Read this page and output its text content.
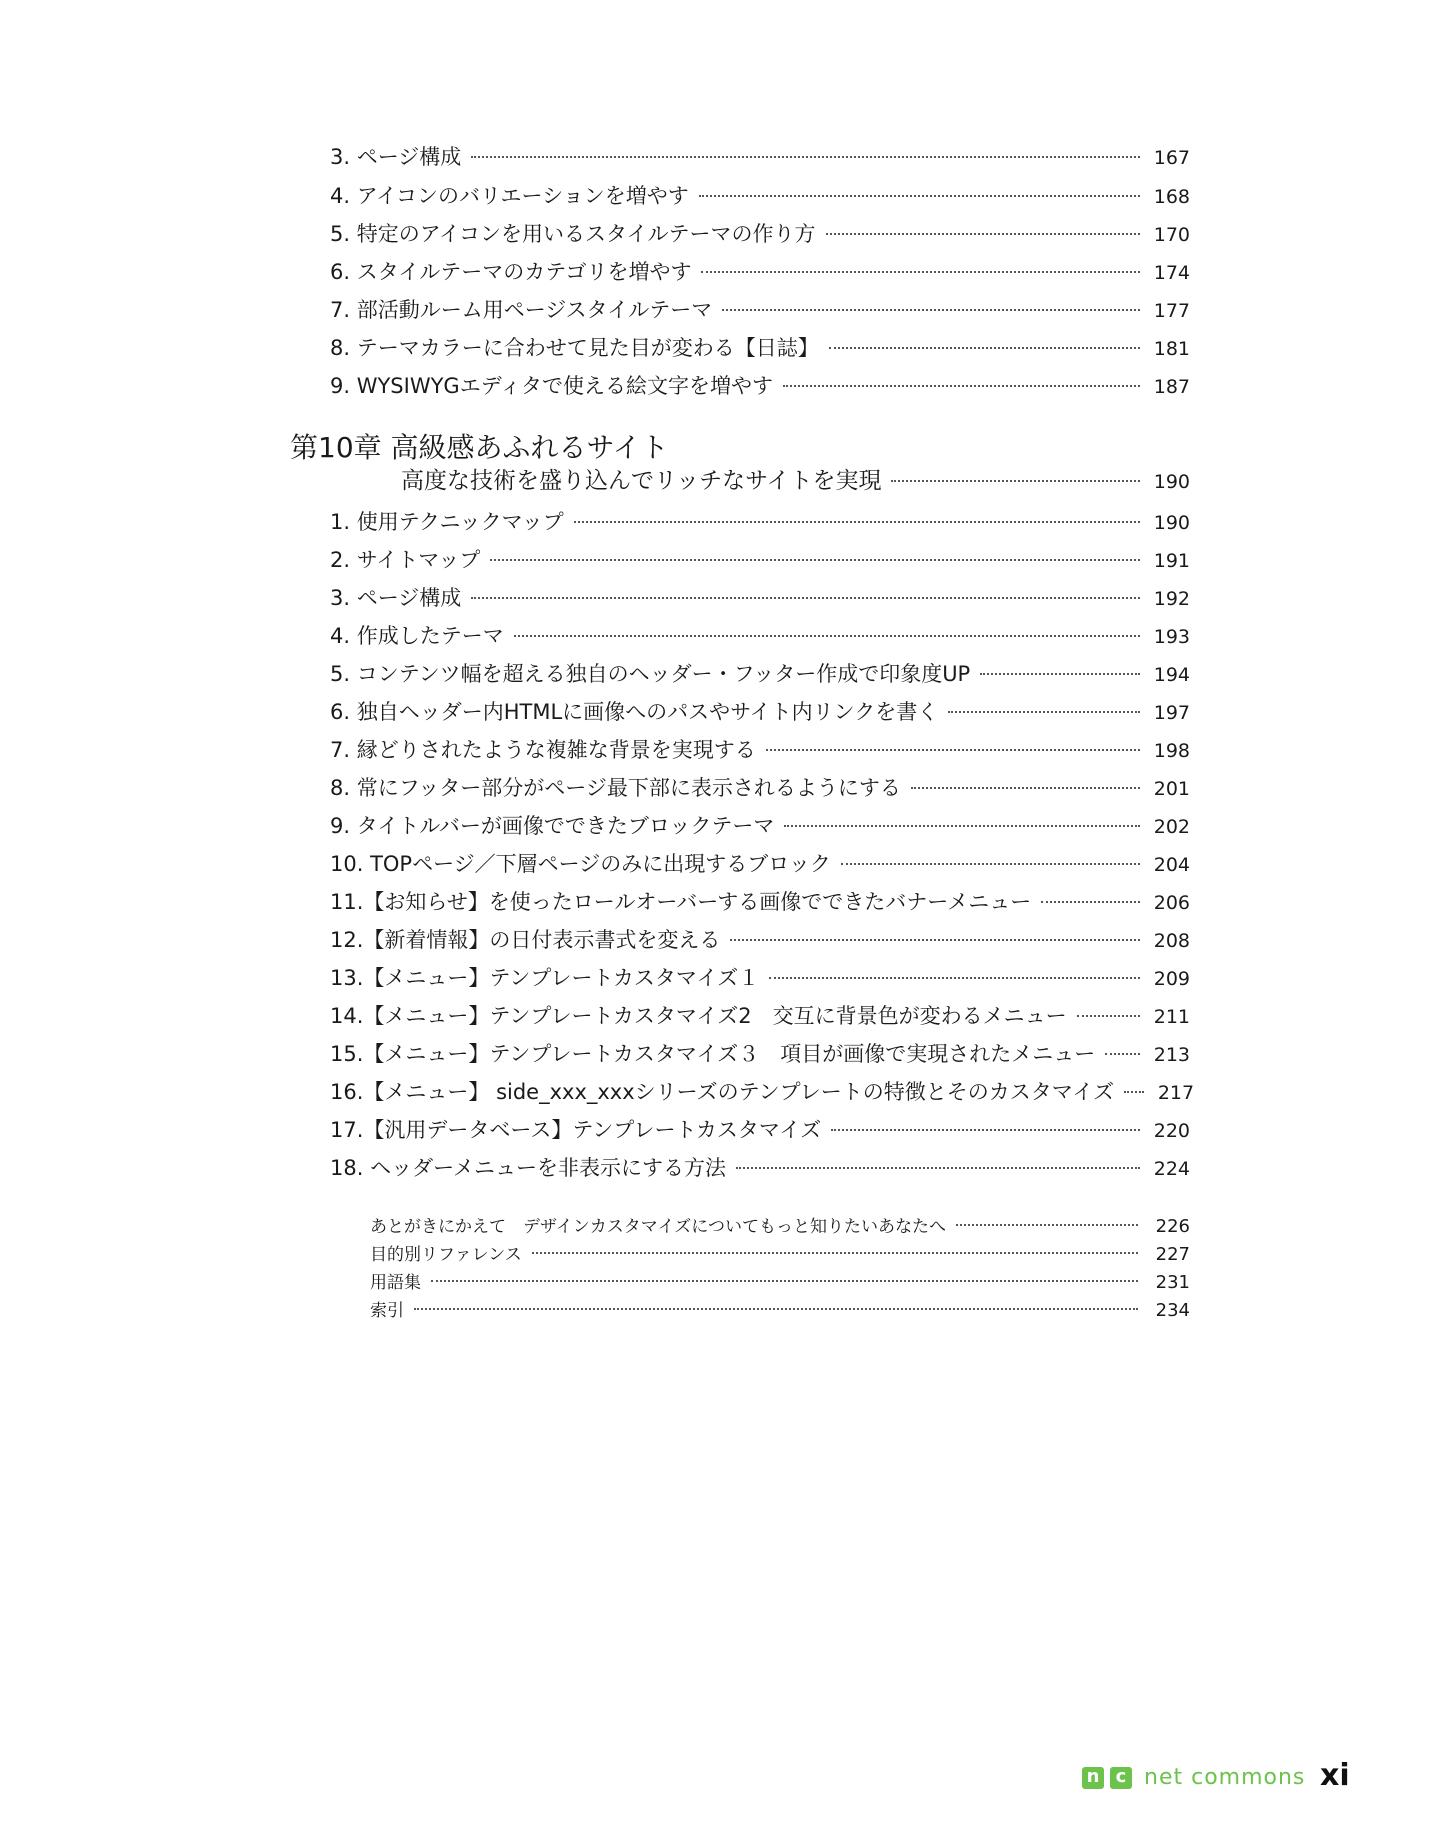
3. ページ構成	167
4. アイコンのバリエーションを増やす	168
5. 特定のアイコンを用いるスタイルテーマの作り方	170
6. スタイルテーマのカテゴリを増やす	174
7. 部活動ルーム用ページスタイルテーマ	177
8. テーマカラーに合わせて見た目が変わる【日誌】	181
9. WYSIWYGエディタで使える絵文字を増やす	187
第10章 高級感あふれるサイト
高度な技術を盛り込んでリッチなサイトを実現	190
1. 使用テクニックマップ	190
2. サイトマップ	191
3. ページ構成	192
4. 作成したテーマ	193
5. コンテンツ幅を超える独自のヘッダー・フッター作成で印象度UP	194
6. 独自ヘッダー内HTMLに画像へのパスやサイト内リンクを書く	197
7. 縁どりされたような複雑な背景を実現する	198
8. 常にフッター部分がページ最下部に表示されるようにする	201
9. タイトルバーが画像でできたブロックテーマ	202
10. TOPページ／下層ページのみに出現するブロック	204
11.【お知らせ】を使ったロールオーバーする画像でできたバナーメニュー	206
12.【新着情報】の日付表示書式を変える	208
13.【メニュー】テンプレートカスタマイズ１	209
14.【メニュー】テンプレートカスタマイズ2　交互に背景色が変わるメニュー	211
15.【メニュー】テンプレートカスタマイズ３　項目が画像で実現されたメニュー	213
16.【メニュー】 side_xxx_xxxシリーズのテンプレートの特徴とそのカスタマイズ 217
17.【汎用データベース】テンプレートカスタマイズ	220
18. ヘッダーメニューを非表示にする方法	224
あとがきにかえて　デザインカスタマイズについてもっと知りたいあなたへ	226
目的別リファレンス	227
用語集	231
索引	234
n c net commons xi
